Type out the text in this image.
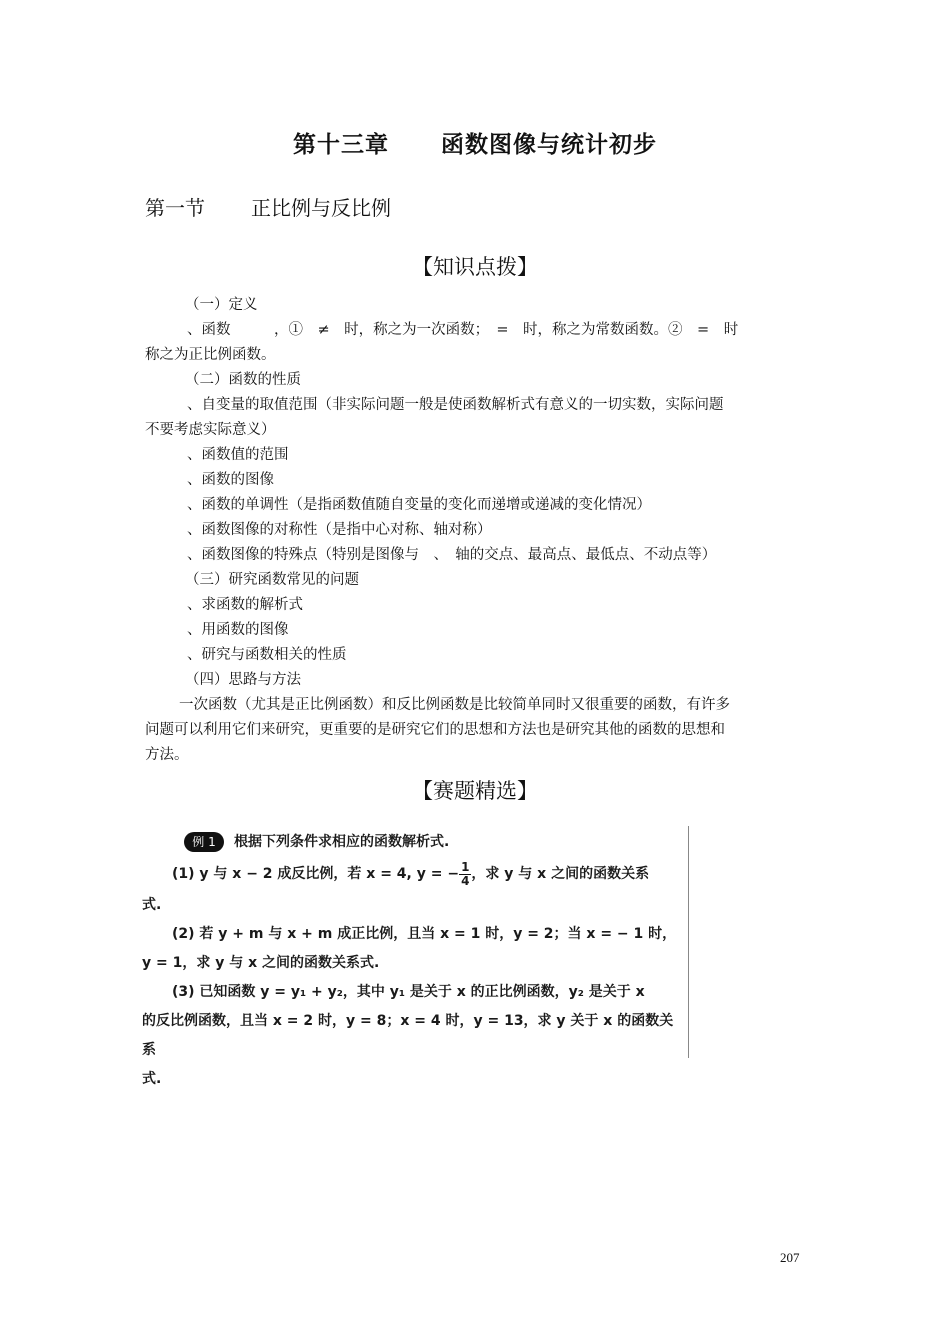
第十三章 函数图像与统计初步
第一节 正比例与反比例
【知识点拨】

（一）定义

、函数　　　，①　≠　时，称之为一次函数；　=　时，称之为常数函数。②　=　时

称之为正比例函数。

（二）函数的性质

、自变量的取值范围（非实际问题一般是使函数解析式有意义的一切实数，实际问题

不要考虑实际意义）

、函数值的范围

、函数的图像

、函数的单调性（是指函数值随自变量的变化而递增或递减的变化情况）

、函数图像的对称性（是指中心对称、轴对称）

、函数图像的特殊点（特别是图像与　、　轴的交点、最高点、最低点、不动点等）

（三）研究函数常见的问题

、求函数的解析式

、用函数的图像

、研究与函数相关的性质

（四）思路与方法

一次函数（尤其是正比例函数）和反比例函数是比较简单同时又很重要的函数，有许多

问题可以利用它们来研究，更重要的是研究它们的思想和方法也是研究其他的函数的思想和

方法。

【赛题精选】

例 1 根据下列条件求相应的函数解析式.

(1) y 与 x − 2 成反比例，若 x = 4, y = − $\frac{1}{4}$ ，求 y 与 x 之间的函数关系

式.

(2) 若 y + m 与 x + m 成正比例，且当 x = 1 时，y = 2；当 x = − 1 时，

y = 1，求 y 与 x 之间的函数关系式.

(3) 已知函数 y = y₁ + y₂，其中 y₁ 是关于 x 的正比例函数，y₂ 是关于 x

的反比例函数，且当 x = 2 时，y = 8；x = 4 时，y = 13，求 y 关于 x 的函数关系

式.

207
